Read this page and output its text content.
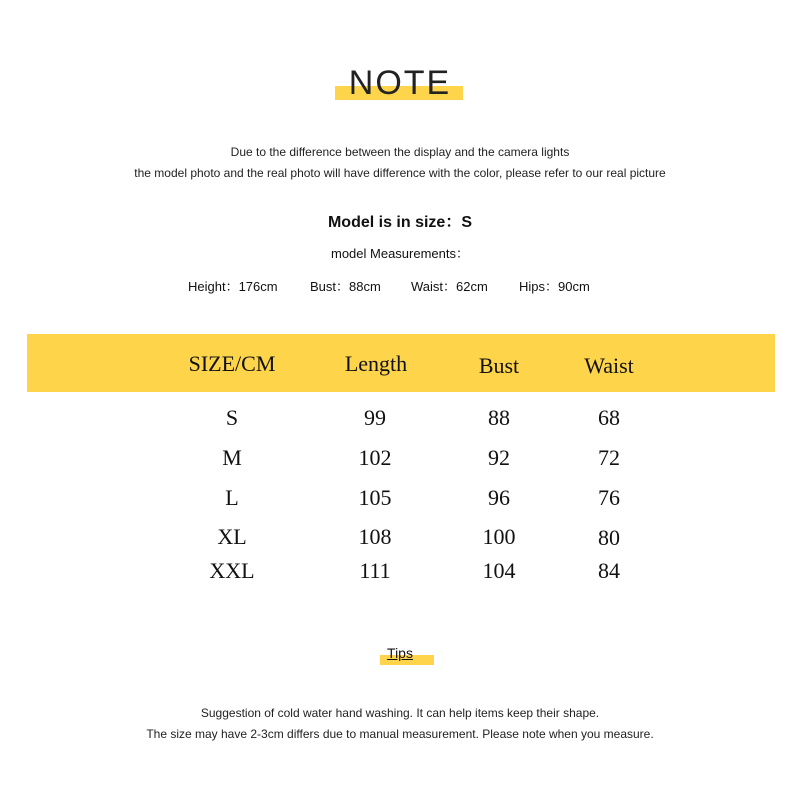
NOTE
Due to the difference between the display and the camera lights
the model photo and the real photo will have difference with the color, please refer to our real picture
Model is in size：S
model Measurements：
Height：176cm Bust：88cm Waist：62cm Hips：90cm
SIZE/CM	Length	Bust	Waist
S	99	88	68
M	102	92	72
L	105	96	76
XL	108	100	80
XXL	111	104	84
Tips
Suggestion of cold water hand washing. It can help items keep their shape.
The size may have 2-3cm differs due to manual measurement. Please note when you measure.
